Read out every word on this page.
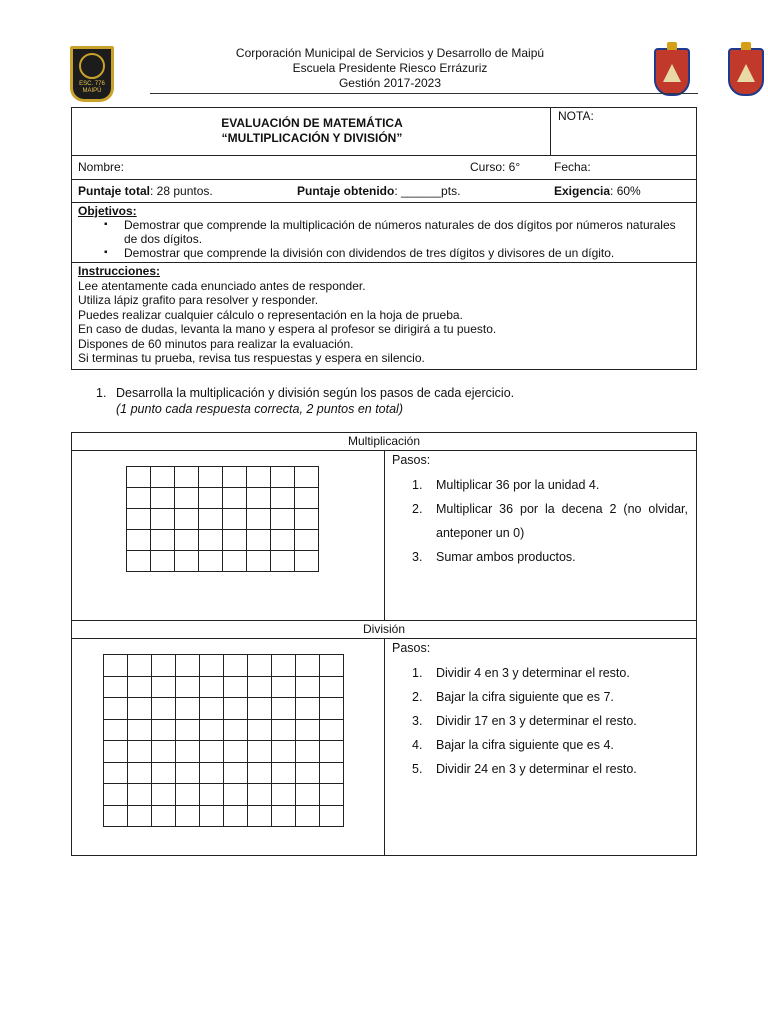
ESC. 776 MAIPÚ
Corporación Municipal de Servicios y Desarrollo de Maipú
Escuela Presidente Riesco Errázuriz
Gestión 2017-2023
EVALUACIÓN DE MATEMÁTICA
“MULTIPLICACIÓN Y DIVISIÓN”
NOTA:
Nombre:	Curso: 6°	Fecha:
Puntaje total: 28 puntos.	Puntaje obtenido: ______pts.	Exigencia: 60%
Objetivos:
▪ Demostrar que comprende la multiplicación de números naturales de dos dígitos por números naturales de dos dígitos.
▪ Demostrar que comprende la división con dividendos de tres dígitos y divisores de un dígito.
Instrucciones:
Lee atentamente cada enunciado antes de responder.
Utiliza lápiz grafito para resolver y responder.
Puedes realizar cualquier cálculo o representación en la hoja de prueba.
En caso de dudas, levanta la mano y espera al profesor se dirigirá a tu puesto.
Dispones de 60 minutos para realizar la evaluación.
Si terminas tu prueba, revisa tus respuestas y espera en silencio.
1. Desarrolla la multiplicación y división según los pasos de cada ejercicio.
(1 punto cada respuesta correcta, 2 puntos en total)
Multiplicación

Pasos:
1. Multiplicar 36 por la unidad 4.
2. Multiplicar 36 por la decena 2 (no olvidar, anteponer un 0)
3. Sumar ambos productos.
División

Pasos:
1. Dividir 4 en 3 y determinar el resto.
2. Bajar la cifra siguiente que es 7.
3. Dividir 17 en 3 y determinar el resto.
4. Bajar la cifra siguiente que es 4.
5. Dividir 24 en 3 y determinar el resto.
